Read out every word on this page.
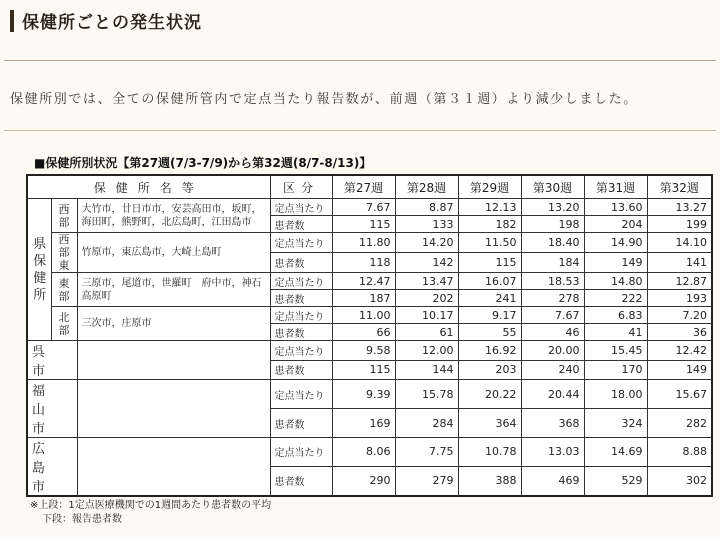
保健所ごとの発生状況
保健所別では、全ての保健所管内で定点当たり報告数が、前週（第３１週）より減少しました。
■保健所別状況【第27週(7/3-7/9)から第32週(8/7-8/13)】
保健所名等			区分	第27週	第28週	第29週	第30週	第31週	第32週
県保健所	西部	大竹市，廿日市市，安芸高田市，坂町，海田町，熊野町，北広島町，江田島市	定点当たり	7.67	8.87	12.13	13.20	13.60	13.27
			患者数	115	133	182	198	204	199
	西部東	竹原市，東広島市，大崎上島町	定点当たり	11.80	14.20	11.50	18.40	14.90	14.10
			患者数	118	142	115	184	149	141
	東部	三原市，尾道市，世羅町　府中市，神石高原町	定点当たり	12.47	13.47	16.07	18.53	14.80	12.87
			患者数	187	202	241	278	222	193
	北部	三次市，庄原市	定点当たり	11.00	10.17	9.17	7.67	6.83	7.20
			患者数	66	61	55	46	41	36
呉市			定点当たり	9.58	12.00	16.92	20.00	15.45	12.42
			患者数	115	144	203	240	170	149
福山市			定点当たり	9.39	15.78	20.22	20.44	18.00	15.67
			患者数	169	284	364	368	324	282
広島市			定点当たり	8.06	7.75	10.78	13.03	14.69	8.88
			患者数	290	279	388	469	529	302
※上段：1定点医療機関での1週間あたり患者数の平均
下段：報告患者数
